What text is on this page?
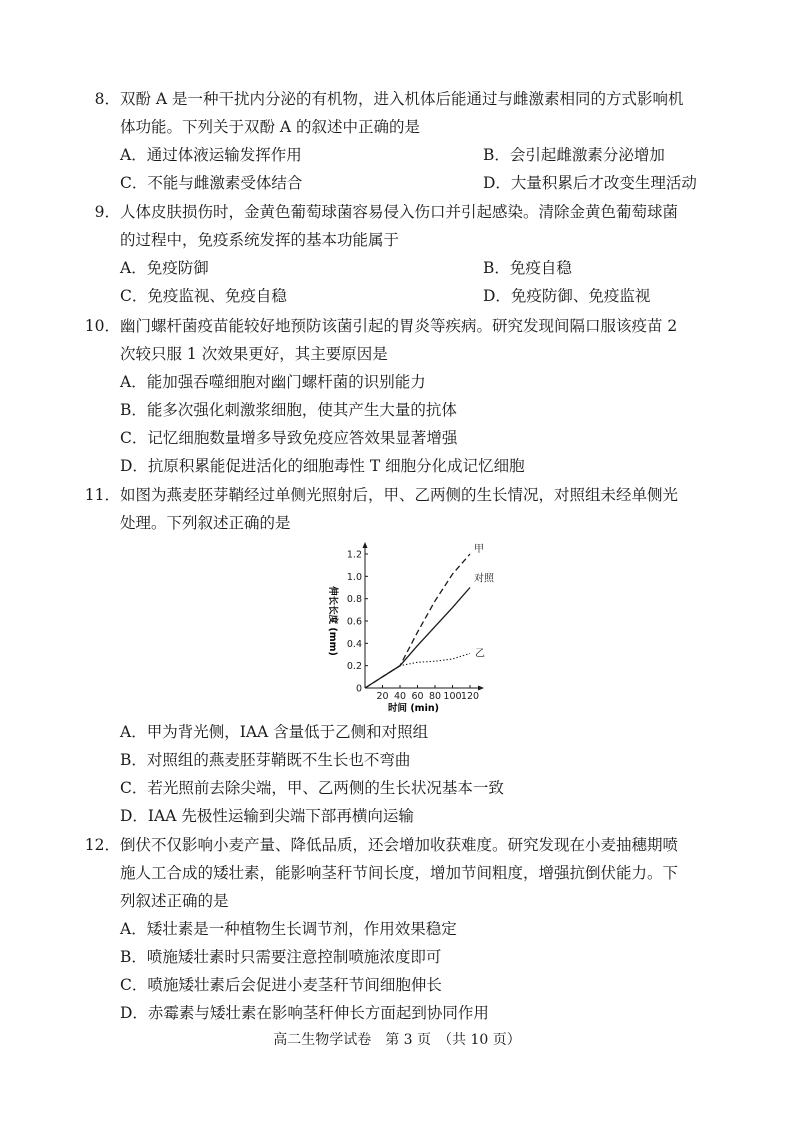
8．双酚 A 是一种干扰内分泌的有机物，进入机体后能通过与雌激素相同的方式影响机
体功能。下列关于双酚 A 的叙述中正确的是
A．通过体液运输发挥作用	B．会引起雌激素分泌增加
C．不能与雌激素受体结合	D．大量积累后才改变生理活动
9．人体皮肤损伤时，金黄色葡萄球菌容易侵入伤口并引起感染。清除金黄色葡萄球菌
的过程中，免疫系统发挥的基本功能属于
A．免疫防御	B．免疫自稳
C．免疫监视、免疫自稳	D．免疫防御、免疫监视
10．幽门螺杆菌疫苗能较好地预防该菌引起的胃炎等疾病。研究发现间隔口服该疫苗 2
次较只服 1 次效果更好，其主要原因是
A．能加强吞噬细胞对幽门螺杆菌的识别能力
B．能多次强化刺激浆细胞，使其产生大量的抗体
C．记忆细胞数量增多导致免疫应答效果显著增强
D．抗原积累能促进活化的细胞毒性 T 细胞分化成记忆细胞
11．如图为燕麦胚芽鞘经过单侧光照射后，甲、乙两侧的生长情况，对照组未经单侧光
处理。下列叙述正确的是
0
0.2
0.4
0.6
0.8
1.0
1.2
20 40 60 80 100 120
甲
对照
乙
伸长长度 (mm)
时间 (min)
A．甲为背光侧，IAA 含量低于乙侧和对照组
B．对照组的燕麦胚芽鞘既不生长也不弯曲
C．若光照前去除尖端，甲、乙两侧的生长状况基本一致
D．IAA 先极性运输到尖端下部再横向运输
12．倒伏不仅影响小麦产量、降低品质，还会增加收获难度。研究发现在小麦抽穗期喷
施人工合成的矮壮素，能影响茎秆节间长度，增加节间粗度，增强抗倒伏能力。下
列叙述正确的是
A．矮壮素是一种植物生长调节剂，作用效果稳定
B．喷施矮壮素时只需要注意控制喷施浓度即可
C．喷施矮壮素后会促进小麦茎秆节间细胞伸长
D．赤霉素与矮壮素在影响茎秆伸长方面起到协同作用
高二生物学试卷　第 3 页　（共 10 页）
